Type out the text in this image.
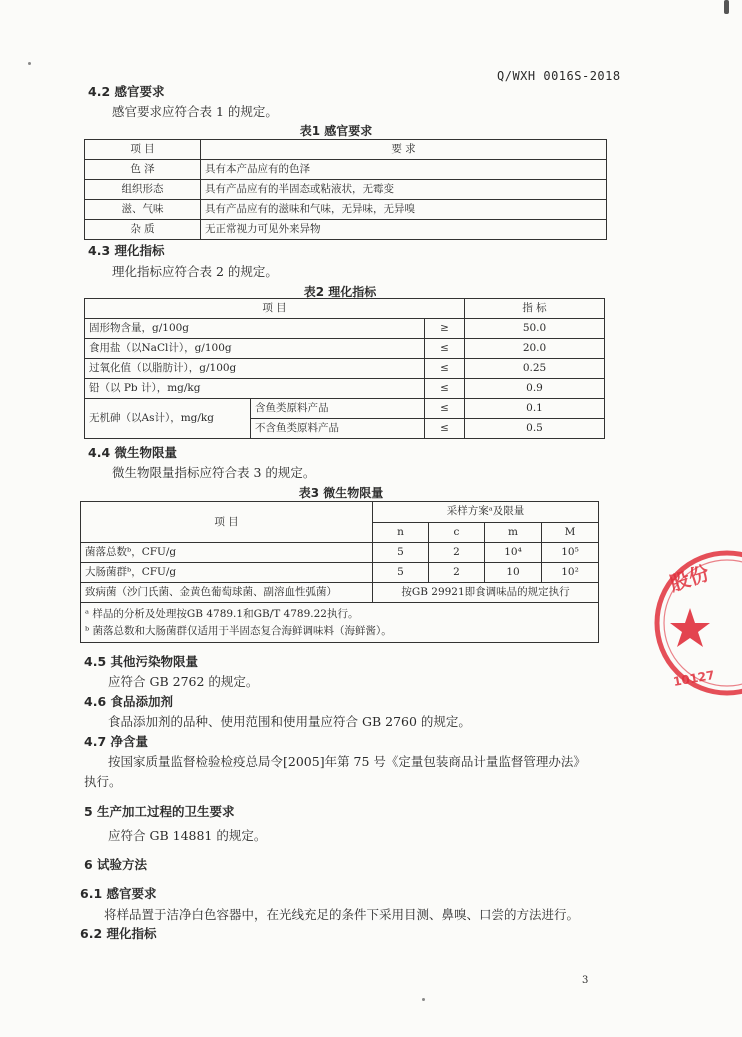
Q/WXH 0016S-2018
4.2 感官要求
感官要求应符合表 1 的规定。
表1 感官要求
项 目	要 求
色 泽	具有本产品应有的色泽
组织形态	具有产品应有的半固态或粘液状，无霉变
滋、气味	具有产品应有的滋味和气味，无异味，无异嗅
杂 质	无正常视力可见外来异物
4.3 理化指标
理化指标应符合表 2 的规定。
表2 理化指标
项 目			指 标
固形物含量，g/100g		≥	50.0
食用盐（以NaCl计），g/100g		≤	20.0
过氧化值（以脂肪计），g/100g		≤	0.25
铅（以 Pb 计），mg/kg		≤	0.9
无机砷（以As计），mg/kg	含鱼类原料产品	≤	0.1
	不含鱼类原料产品	≤	0.5
4.4 微生物限量
微生物限量指标应符合表 3 的规定。
表3 微生物限量
项 目	采样方案ᵃ及限量			
	n	c	m	M
菌落总数ᵇ，CFU/g	5	2	10⁴	10⁵
大肠菌群ᵇ，CFU/g	5	2	10	10²
致病菌（沙门氏菌、金黄色葡萄球菌、副溶血性弧菌）	按GB 29921即食调味品的规定执行			

ᵃ 样品的分析及处理按GB 4789.1和GB/T 4789.22执行。
ᵇ 菌落总数和大肠菌群仅适用于半固态复合海鲜调味料（海鲜酱）。				
4.5 其他污染物限量
应符合 GB 2762 的规定。
4.6 食品添加剂
食品添加剂的品种、使用范围和使用量应符合 GB 2760 的规定。
4.7 净含量
按国家质量监督检验检疫总局令[2005]年第 75 号《定量包装商品计量监督管理办法》
执行。
5 生产加工过程的卫生要求
应符合 GB 14881 的规定。
6 试验方法
6.1 感官要求
将样品置于洁净白色容器中，在光线充足的条件下采用目测、鼻嗅、口尝的方法进行。
6.2 理化指标
3
股份
10127
